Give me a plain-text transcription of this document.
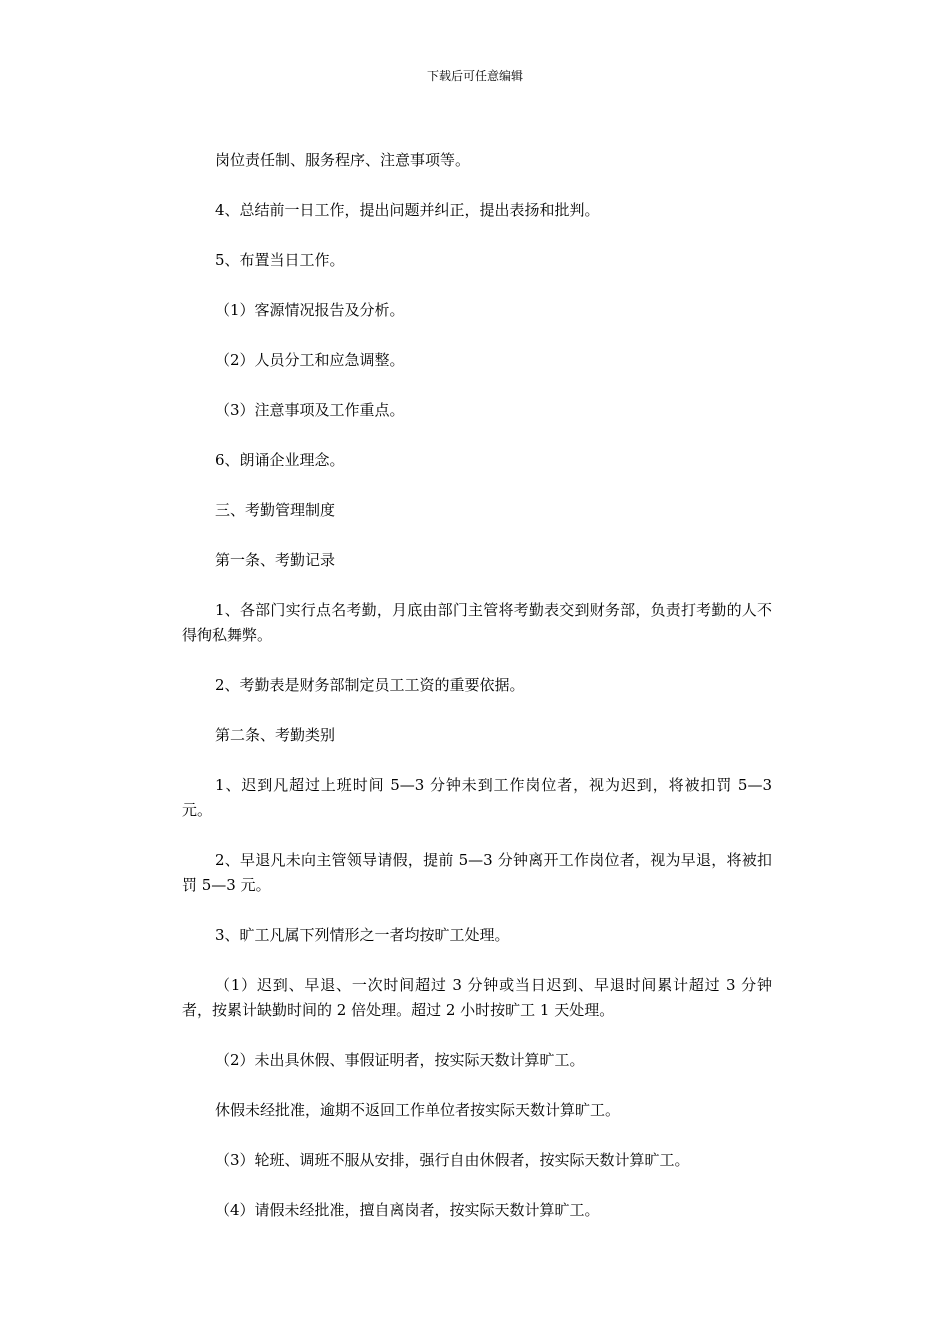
下载后可任意编辑

岗位责任制、服务程序、注意事项等。

4、总结前一日工作，提出问题并纠正，提出表扬和批判。

5、布置当日工作。

（1）客源情况报告及分析。

（2）人员分工和应急调整。

（3）注意事项及工作重点。

6、朗诵企业理念。

三、考勤管理制度

第一条、考勤记录

1、各部门实行点名考勤，月底由部门主管将考勤表交到财务部，负责打考勤的人不得徇私舞弊。

2、考勤表是财务部制定员工工资的重要依据。

第二条、考勤类别

1、迟到凡超过上班时间 5—3 分钟未到工作岗位者，视为迟到，将被扣罚 5—3 元。

2、早退凡未向主管领导请假，提前 5—3 分钟离开工作岗位者，视为早退，将被扣罚 5—3 元。

3、旷工凡属下列情形之一者均按旷工处理。

（1）迟到、早退、一次时间超过 3 分钟或当日迟到、早退时间累计超过 3 分钟者，按累计缺勤时间的 2 倍处理。超过 2 小时按旷工 1 天处理。

（2）未出具休假、事假证明者，按实际天数计算旷工。

休假未经批准，逾期不返回工作单位者按实际天数计算旷工。

（3）轮班、调班不服从安排，强行自由休假者，按实际天数计算旷工。

（4）请假未经批准，擅自离岗者，按实际天数计算旷工。
